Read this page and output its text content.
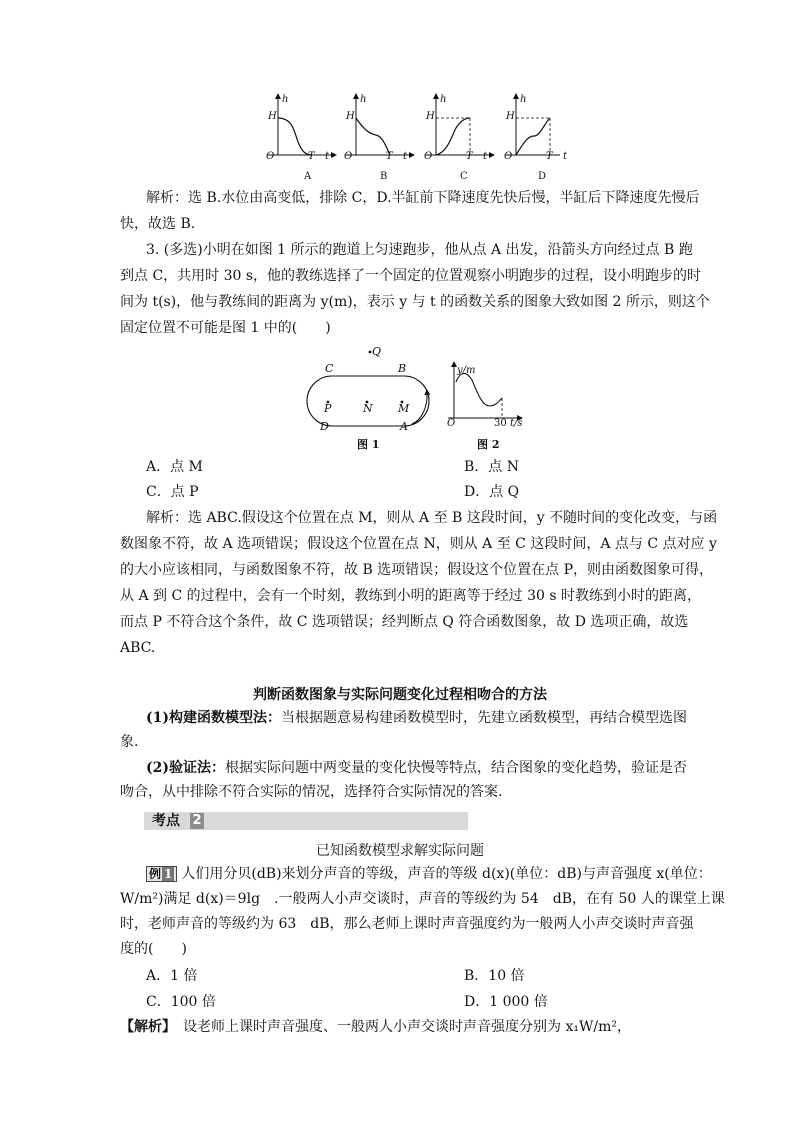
h
H
O	T t
A
h
H
O	T t
B
h
H
O	T t
C
h
H
O	T t
D
解析：选 B.水位由高变低，排除 C，D.半缸前下降速度先快后慢，半缸后下降速度先慢后
快，故选 B.
3. (多选)小明在如图 1 所示的跑道上匀速跑步，他从点 A 出发，沿箭头方向经过点 B 跑
到点 C，共用时 30 s，他的教练选择了一个固定的位置观察小明跑步的过程，设小明跑步的时
间为 t(s)，他与教练间的距离为 y(m)，表示 y 与 t 的函数关系的图象大致如图 2 所示，则这个
固定位置不可能是图 1 中的(　　)
Q
C	B
P	N M
D	A
图 1
y/m
O	30 t/s
图 2
A．点 M	B．点 N
C．点 P	D．点 Q
解析：选 ABC.假设这个位置在点 M，则从 A 至 B 这段时间，y 不随时间的变化改变，与函
数图象不符，故 A 选项错误；假设这个位置在点 N，则从 A 至 C 这段时间，A 点与 C 点对应 y
的大小应该相同，与函数图象不符，故 B 选项错误；假设这个位置在点 P，则由函数图象可得，
从 A 到 C 的过程中，会有一个时刻，教练到小明的距离等于经过 30 s 时教练到小时的距离，
而点 P 不符合这个条件，故 C 选项错误；经判断点 Q 符合函数图象，故 D 选项正确，故选
ABC.
判断函数图象与实际问题变化过程相吻合的方法
(1)构建函数模型法：当根据题意易构建函数模型时，先建立函数模型，再结合模型选图
象.
(2)验证法：根据实际问题中两变量的变化快慢等特点，结合图象的变化趋势，验证是否
吻合，从中排除不符合实际的情况，选择符合实际情况的答案.
考点 2
已知函数模型求解实际问题
例 1 人们用分贝(dB)来划分声音的等级，声音的等级 d(x)(单位：dB)与声音强度 x(单位：
W/m²)满足 d(x)＝9lg　.一般两人小声交谈时，声音的等级约为 54　dB，在有 50 人的课堂上课
时，老师声音的等级约为 63　dB，那么老师上课时声音强度约为一般两人小声交谈时声音强
度的(　　)
A．1 倍	B．10 倍
C．100 倍	D．1 000 倍
【解析】　 设老师上课时声音强度、一般两人小声交谈时声音强度分别为 x₁W/m²，
